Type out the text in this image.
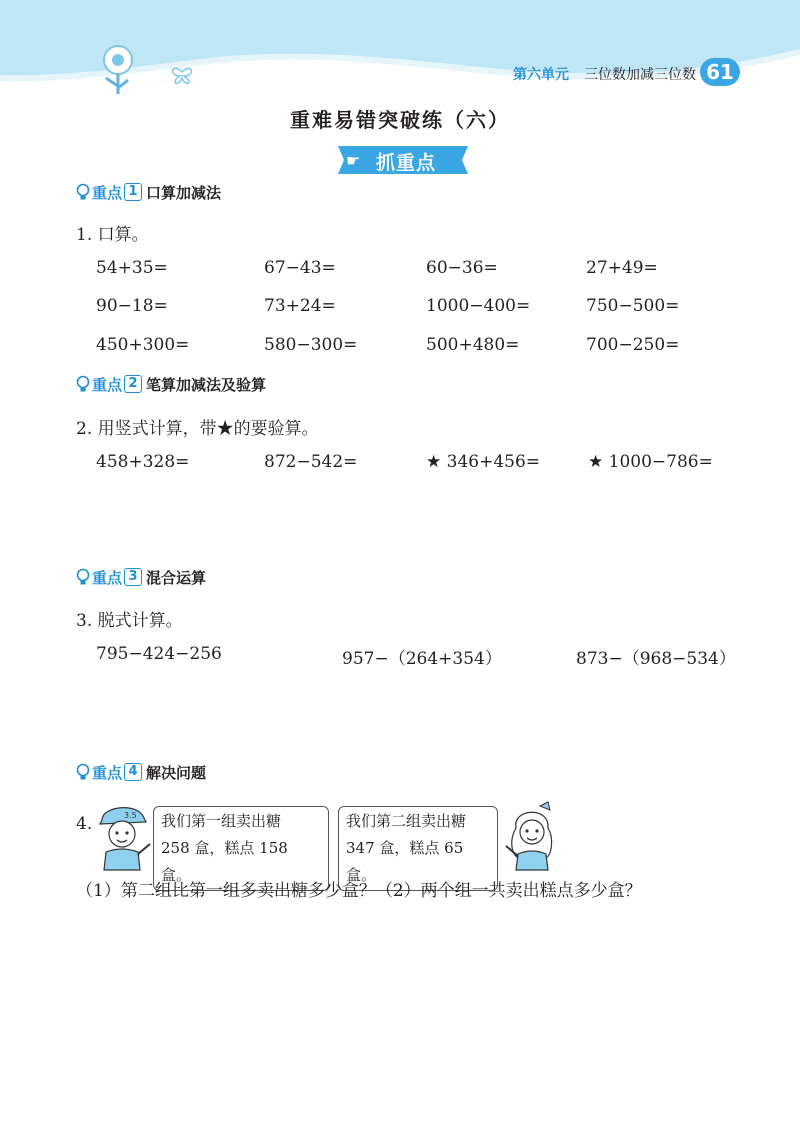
第六单元 三位数加减三位数 61
重难易错突破练（六）
☛ 抓重点
重点 1 口算加减法
1. 口算。
54+35=	67−43=	60−36=	27+49=
90−18=	73+24=	1000−400=	750−500=
450+300=	580−300=	500+480=	700−250=
重点 2 笔算加减法及验算
2. 用竖式计算，带★的要验算。
458+328=	872−542=	★ 346+456=	★ 1000−786=
重点 3 混合运算
3. 脱式计算。
795−424−256	957−（264+354）	873−（968−534）
重点 4 解决问题
4.	3.5 我们第一组卖出糖
258 盒，糕点 158 盒。
我们第二组卖出糖
347 盒，糕点 65 盒。
（1）第二组比第一组多卖出糖多少盒？（2）两个组一共卖出糕点多少盒？
